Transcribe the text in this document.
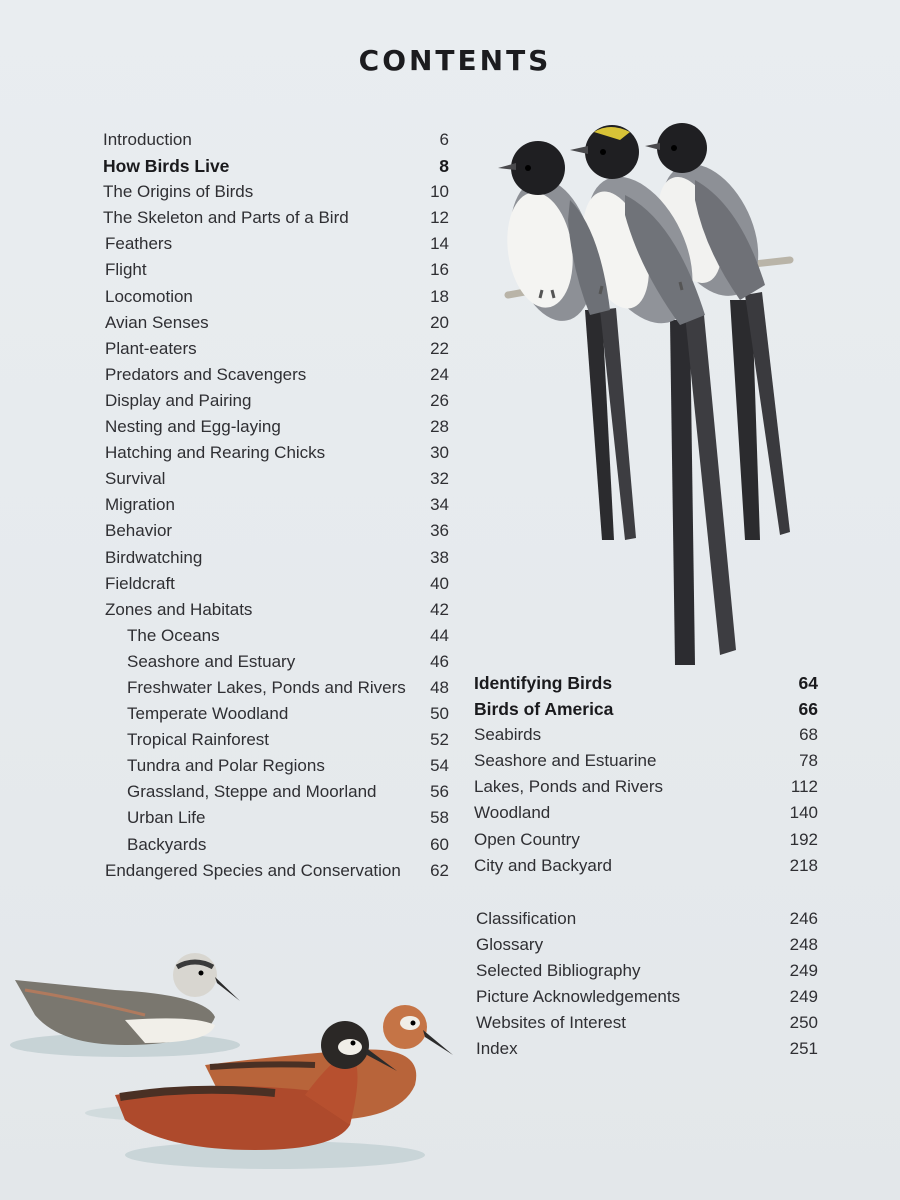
CONTENTS
Introduction	6
How Birds Live	8
The Origins of Birds	10
The Skeleton and Parts of a Bird	12
Feathers	14
Flight	16
Locomotion	18
Avian Senses	20
Plant-eaters	22
Predators and Scavengers	24
Display and Pairing	26
Nesting and Egg-laying	28
Hatching and Rearing Chicks	30
Survival	32
Migration	34
Behavior	36
Birdwatching	38
Fieldcraft	40
Zones and Habitats	42
The Oceans	44
Seashore and Estuary	46
Freshwater Lakes, Ponds and Rivers 48
Temperate Woodland	50
Tropical Rainforest	52
Tundra and Polar Regions	54
Grassland, Steppe and Moorland	56
Urban Life	58
Backyards	60
Endangered Species and Conservation 62
Identifying Birds	64
Birds of America	66
Seabirds	68
Seashore and Estuarine	78
Lakes, Ponds and Rivers	112
Woodland	140
Open Country	192
City and Backyard	218
Classification	246
Glossary	248
Selected Bibliography	249
Picture Acknowledgements	249
Websites of Interest	250
Index	251
